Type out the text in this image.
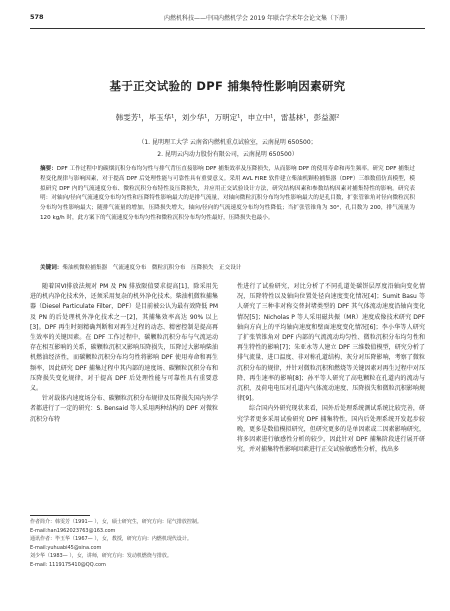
578	内燃机科技——中国内燃机学会 2019 年联合学术年会论文集（下册）
基于正交试验的 DPF 捕集特性影响因素研究
韩雯芳¹，毕玉华¹，刘少华¹，万明定¹，申立中¹，雷基林¹，彭益源²
（1. 昆明理工大学 云南省内燃机重点试验室，云南昆明 650500；
2. 昆明云内动力股份有限公司，云南昆明 650500）
摘要：DPF 工作过程中的碳烟沉积分布均匀性与排气背压直接影响 DPF 捕集效率及压降损失，从而影响 DPF 的使用寿命和再生频率。研究 DPF 捕集过程变化规律与影响因素，对于提高 DPF 后处理性能与可靠性具有重要意义。采用 AVL FIRE 软件建立柴油机颗粒捕集器（DPF）三维数值仿真模型，模拟研究 DPF 内的气流速度分布、微粒沉积分布特性及压降损失，并应用正交试验设计方法，研究结构因素和参数结构因素对捕集特性的影响。研究表明：对轴向/径向气流速度分布均匀性和压降特性影响最大的是排气流量，对轴向微粒沉积分布均匀性影响最大的是孔目数，扩张管锥角对径向微粒沉积分布均匀性影响最大；随排气流量的增加，压降损失增大，轴向/径向的气流速度分布均匀性降低；当扩张管锥角为 30°，孔目数为 200，排气流量为 120 kg/h 时，此方案下的气流速度分布均匀性和微粒沉积分布均匀性最好，压降损失也最小。
关键词：柴油机微粒捕集器　气流速度分布　微粒沉积分布　压降损失　正交设计

随着国Ⅵ排放法规对 PM 及 PN 排放限值要求提高[1]，除采用先进的机内净化技术外，还须采用复杂的机外净化技术。柴油机微粒捕集器（Diesel Particulate Filter，DPF）是目前被公认为最有效降低 PM 及 PN 的后处理机外净化技术之一[2]，其捕集效率高达 90% 以上[3]。DPF 再生时刻精确判断和对再生过程的动态、精密控制是提高再生效率的关键因素。在 DPF 工作过程中，碳颗粒沉积分布与气流运动存在相互影响的关系，碳颗粒沉积又影响压降损失，压降过大影响柴油机燃油经济性，而碳颗粒沉积分布均匀性将影响 DPF 使用寿命和再生频率，因此研究 DPF 捕集过程中其内部的速度场、碳颗粒沉积分布和压降损失变化规律，对于提高 DPF 后处理性能与可靠性具有重要意义。

针对载体内速度场分布、碳颗粒沉积分布规律及压降损失国内外学者都进行了一定的研究：S. Bensaid 等人采用两种结构的 DPF 对微粒沉积分布特

性进行了试验研究，对比分析了不同孔道处碳饼层厚度沿轴向变化情况，压降特性以及轴向位置处径向速度变化情况[4]；Sumit Basu 等人研究了三种非对称交替封堵类型的 DPF 其气体流动速度沿轴向变化情况[5]；Nicholas P 等人采用磁共振（MR）速度成像技术研究 DPF 轴向方向上的平均轴向速度和壁面速度变化情况[6]；李小华等人研究了扩张管锥角对 DPF 内部的气流流动均匀性、微粒沉积分布均匀性和再生特性的影响[7]；朱亚永等人建立 DPF 三维数值模型，研究分析了排气流量、进口温度、非对称孔道结构、灰分对压降影响，考察了微粒沉积分布的规律，并针对微粒沉积和燃烧等关键因素对再生过程中对压降、再生速率的影响[8]；孙平等人研究了高电颗粒在孔道内的流动与沉积，及荷电电压对孔道内气体流动速度、压降损失和微粒沉积影响规律[9]。

综合国内外研究现状来看，国外后处理系统测试系统比较完善，研究学者更多采用试验研究 DPF 捕集特性，国内后处理系统开发起步较晚，更多是数值模拟研究，但研究更多的是单因素或二因素影响研究，将多因素进行敏感性分析的较少，因此针对 DPF 捕集阶段进行展开研究，并对捕集特性影响因素进行正交试验敏感性分析，找出多

作者简介：韩雯芳（1991— ），女，硕士研究生，研究方向：尾气排放控制。
E-mail:han1962023763@163.com
通讯作者：毕玉华（1967— ），女，教授，研究方向：内燃机现代设计。
E-mail:yuhuabi45@sina.com
刘少华（1983— ），女，讲师，研究方向：发动机燃烧与排放。
E-mail: 1119175410@QQ.com
